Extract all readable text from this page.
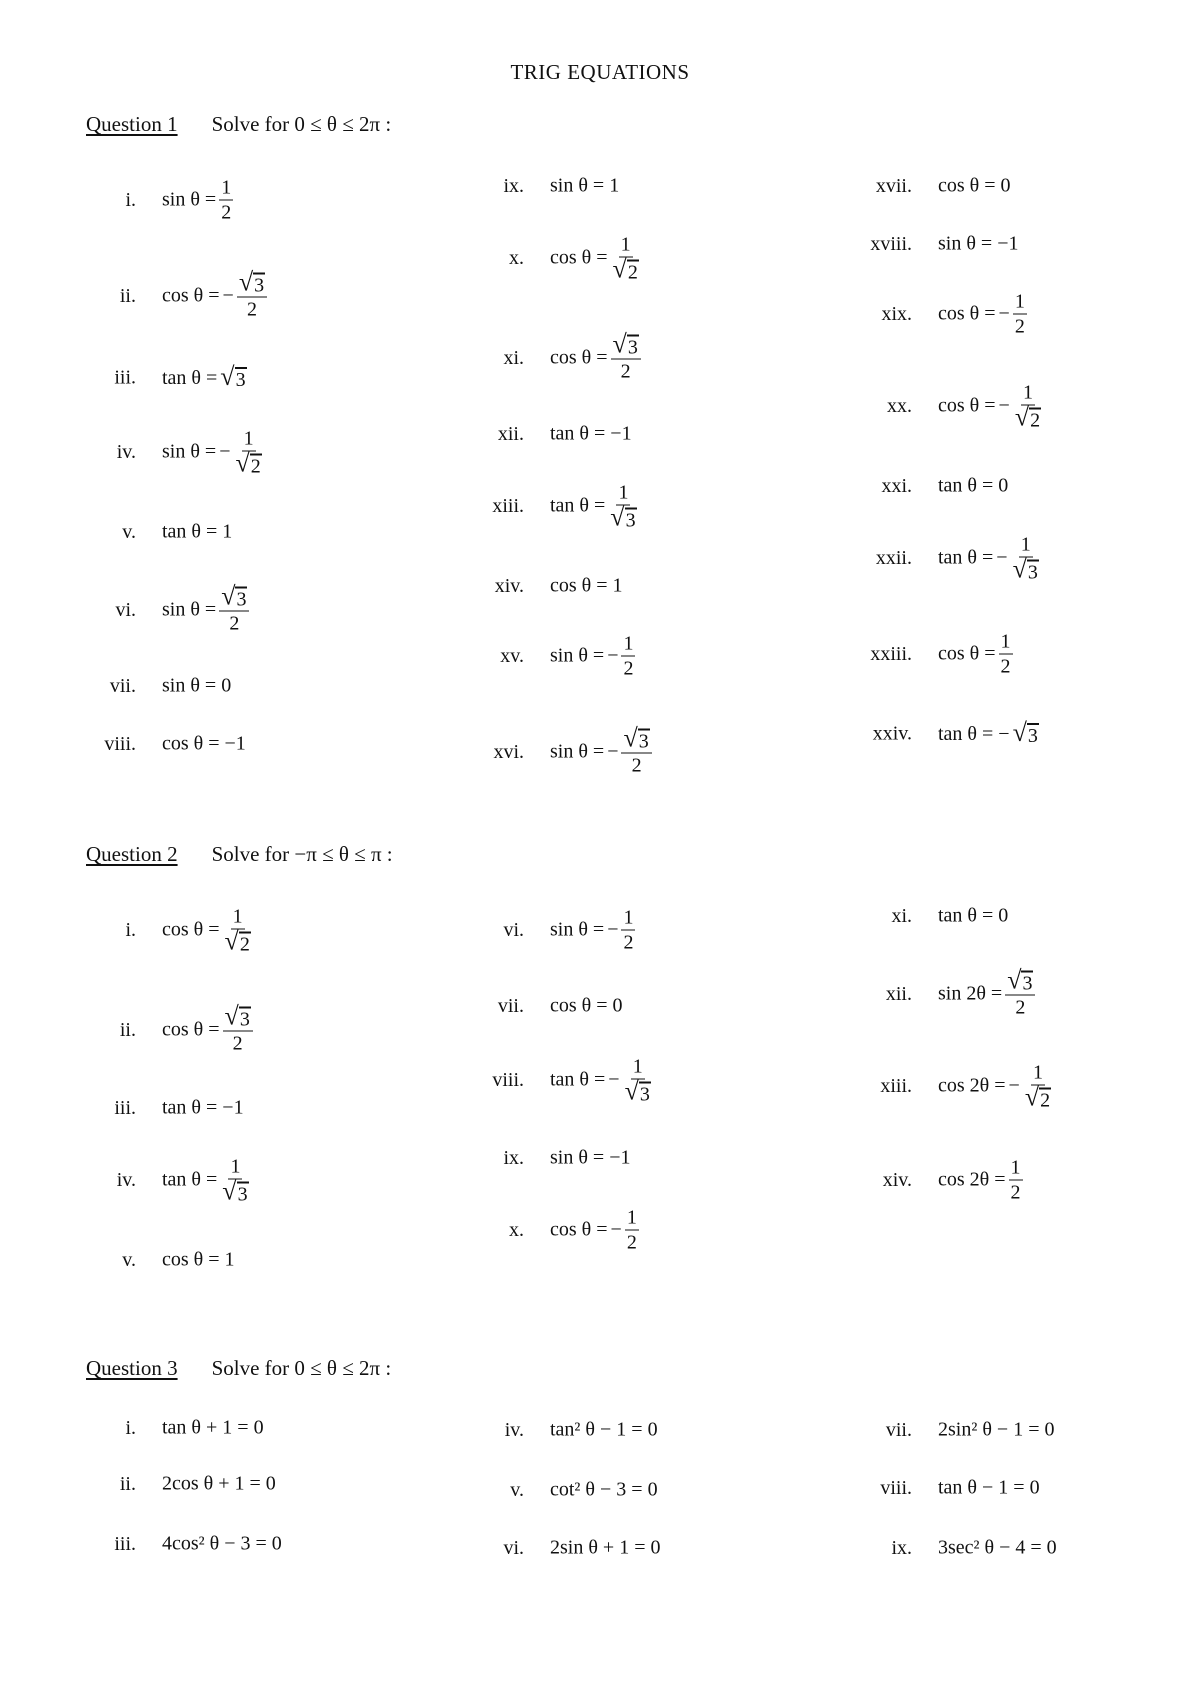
TRIG EQUATIONS
Question 1 Solve for 0 ≤ θ ≤ 2π :
i. $\sin \theta = \frac{1}{2}$
ii. cos θ = − $\frac{√ 3}{2}$
iii. tan θ = √ 3
iv. sin θ = − $\frac{1}{√ 2}$
v. tan θ = 1
vi. $\sin \theta = \frac{√ 3}{2}$
vii. sin θ = 0
viii. cos θ = −1
ix. sin θ = 1
x. $\cos \theta = \frac{1}{√ 2}$
xi. $\cos \theta = \frac{√ 3}{2}$
xii. tan θ = −1
xiii. $\tan \theta = \frac{1}{√ 3}$
xiv. cos θ = 1
xv. sin θ = − $\frac{1}{2}$
xvi. sin θ = − $\frac{√ 3}{2}$
xvii. cos θ = 0
xviii. sin θ = −1
xix. cos θ = − $\frac{1}{2}$
xx. cos θ = − $\frac{1}{√ 2}$
xxi. tan θ = 0
xxii. tan θ = − $\frac{1}{√ 3}$
xxiii. $\cos \theta = \frac{1}{2}$
xxiv. tan θ = − √ 3
Question 2 Solve for −π ≤ θ ≤ π :
i. $\cos \theta = \frac{1}{√ 2}$
ii. $\cos \theta = \frac{√ 3}{2}$
iii. tan θ = −1
iv. $\tan \theta = \frac{1}{√ 3}$
v. cos θ = 1
vi. sin θ = − $\frac{1}{2}$
vii. cos θ = 0
viii. tan θ = − $\frac{1}{√ 3}$
ix. sin θ = −1
x. cos θ = − $\frac{1}{2}$
xi. tan θ = 0
xii. $\sin 2\theta = \frac{√ 3}{2}$
xiii. cos 2θ = − $\frac{1}{√ 2}$
xiv. $\cos 2\theta = \frac{1}{2}$
Question 3 Solve for 0 ≤ θ ≤ 2π :
i. tan θ + 1 = 0
ii. 2cos θ + 1 = 0
iii. 4cos² θ − 3 = 0
iv. tan² θ − 1 = 0
v. cot² θ − 3 = 0
vi. 2sin θ + 1 = 0
vii. 2sin² θ − 1 = 0
viii. tan θ − 1 = 0
ix. 3sec² θ − 4 = 0
